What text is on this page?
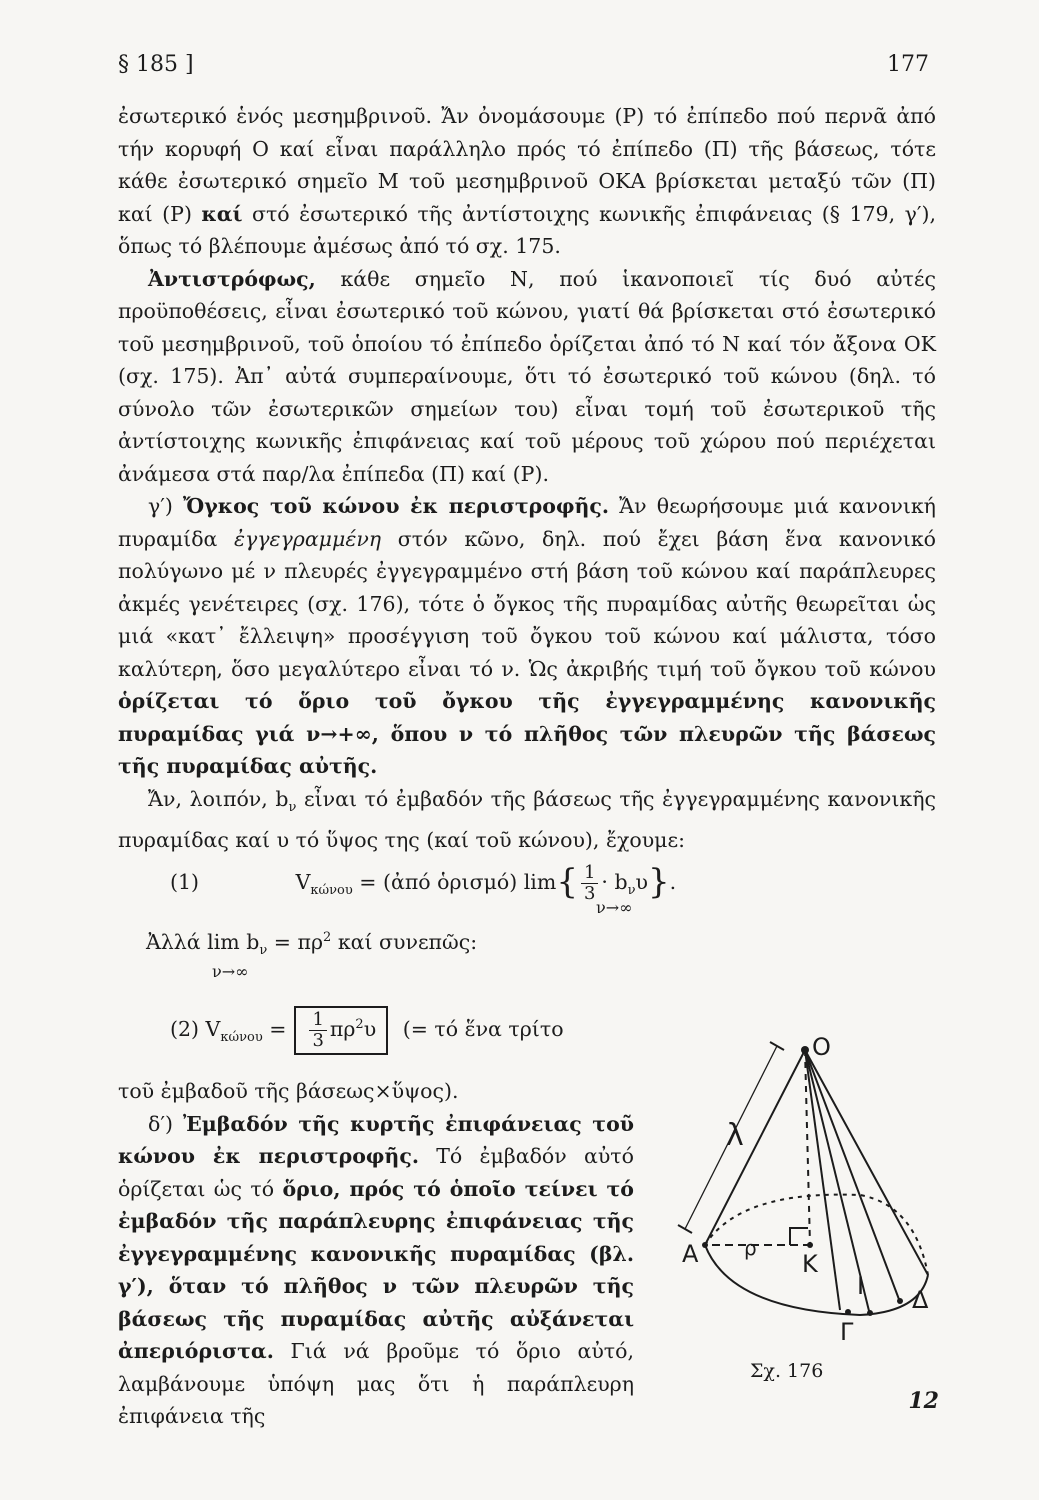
§ 185 ]	177

ἐσωτερικό ἑνός μεσημβρινοῦ. Ἄν ὀνομάσουμε (P) τό ἐπίπεδο πού περνᾶ ἀπό τήν κορυφή Ο καί εἶναι παράλληλο πρός τό ἐπίπεδο (Π) τῆς βάσεως, τότε κάθε ἐσωτερικό σημεῖο Μ τοῦ μεσημβρινοῦ ΟΚΑ βρίσκεται μεταξύ τῶν (Π) καί (P) καί στό ἐσωτερικό τῆς ἀντίστοιχης κωνικῆς ἐπιφάνειας (§ 179, γ′), ὅπως τό βλέπουμε ἀμέσως ἀπό τό σχ. 175.

Ἀντιστρόφως, κάθε σημεῖο Ν, πού ἱκανοποιεῖ τίς δυό αὐτές προϋποθέσεις, εἶναι ἐσωτερικό τοῦ κώνου, γιατί θά βρίσκεται στό ἐσωτερικό τοῦ μεσημβρινοῦ, τοῦ ὁποίου τό ἐπίπεδο ὁρίζεται ἀπό τό Ν καί τόν ἄξονα ΟΚ (σχ. 175). Ἀπ᾽ αὐτά συμπεραίνουμε, ὅτι τό ἐσωτερικό τοῦ κώνου (δηλ. τό σύνολο τῶν ἐσωτερικῶν σημείων του) εἶναι τομή τοῦ ἐσωτερικοῦ τῆς ἀντίστοιχης κωνικῆς ἐπιφάνειας καί τοῦ μέρους τοῦ χώρου πού περιέχεται ἀνάμεσα στά παρ/λα ἐπίπεδα (Π) καί (P).

γ′) Ὄγκος τοῦ κώνου ἐκ περιστροφῆς. Ἄν θεωρήσουμε μιά κανονική πυραμίδα ἐγγεγραμμένη στόν κῶνο, δηλ. πού ἔχει βάση ἕνα κανονικό πολύγωνο μέ ν πλευρές ἐγγεγραμμένο στή βάση τοῦ κώνου καί παράπλευρες ἀκμές γενέτειρες (σχ. 176), τότε ὁ ὄγκος τῆς πυραμίδας αὐτῆς θεωρεῖται ὡς μιά «κατ᾽ ἔλλειψη» προσέγγιση τοῦ ὄγκου τοῦ κώνου καί μάλιστα, τόσο καλύτερη, ὅσο μεγαλύτερο εἶναι τό ν. Ὡς ἀκριβής τιμή τοῦ ὄγκου τοῦ κώνου ὁρίζεται τό ὅριο τοῦ ὄγκου τῆς ἐγγεγραμμένης κανονικῆς πυραμίδας γιά ν→+∞, ὅπου ν τό πλῆθος τῶν πλευρῶν τῆς βάσεως τῆς πυραμίδας αὐτῆς.

Ἄν, λοιπόν, $b_\nu$ εἶναι τό ἐμβαδόν τῆς βάσεως τῆς ἐγγεγραμμένης κανονικῆς πυραμίδας καί υ τό ὕψος της (καί τοῦ κώνου), ἔχουμε:

(1)	$V_{\kappa ώ\nu o\upsilon}$ = (ἀπό ὁρισμό) $\lim\{ \frac{1}{3} \cdot b_\nu\upsilon\}$.
ν→∞
Ἀλλά $\lim b_\nu = \pi\rho^2$ καί συνεπῶς:
ν→∞
(2) $V_{\kappa ώ\nu o\upsilon} = \frac{1}{3} \pi\rho^2\upsilon$ (= τό ἕνα τρίτο

τοῦ ἐμβαδοῦ τῆς βάσεως×ὕψος).

δ′) Ἐμβαδόν τῆς κυρτῆς ἐπιφάνειας τοῦ κώνου ἐκ περιστροφῆς. Τό ἐμβαδόν αὐτό ὁρίζεται ὡς τό ὅριο, πρός τό ὁποῖο τείνει τό ἐμβαδόν τῆς παράπλευρης ἐπιφάνειας τῆς ἐγγεγραμμένης κανονικῆς πυραμίδας (βλ. γ′), ὅταν τό πλῆθος ν τῶν πλευρῶν τῆς βάσεως τῆς πυραμίδας αὐτῆς αὐξάνεται ἀπεριόριστα. Γιά νά βροῦμε τό ὅριο αὐτό, λαμβάνουμε ὑπόψη μας ὅτι ἡ παράπλευρη ἐπιφάνεια τῆς

O
λ
A ρ
K
I Δ
Γ
Σχ. 176
12
